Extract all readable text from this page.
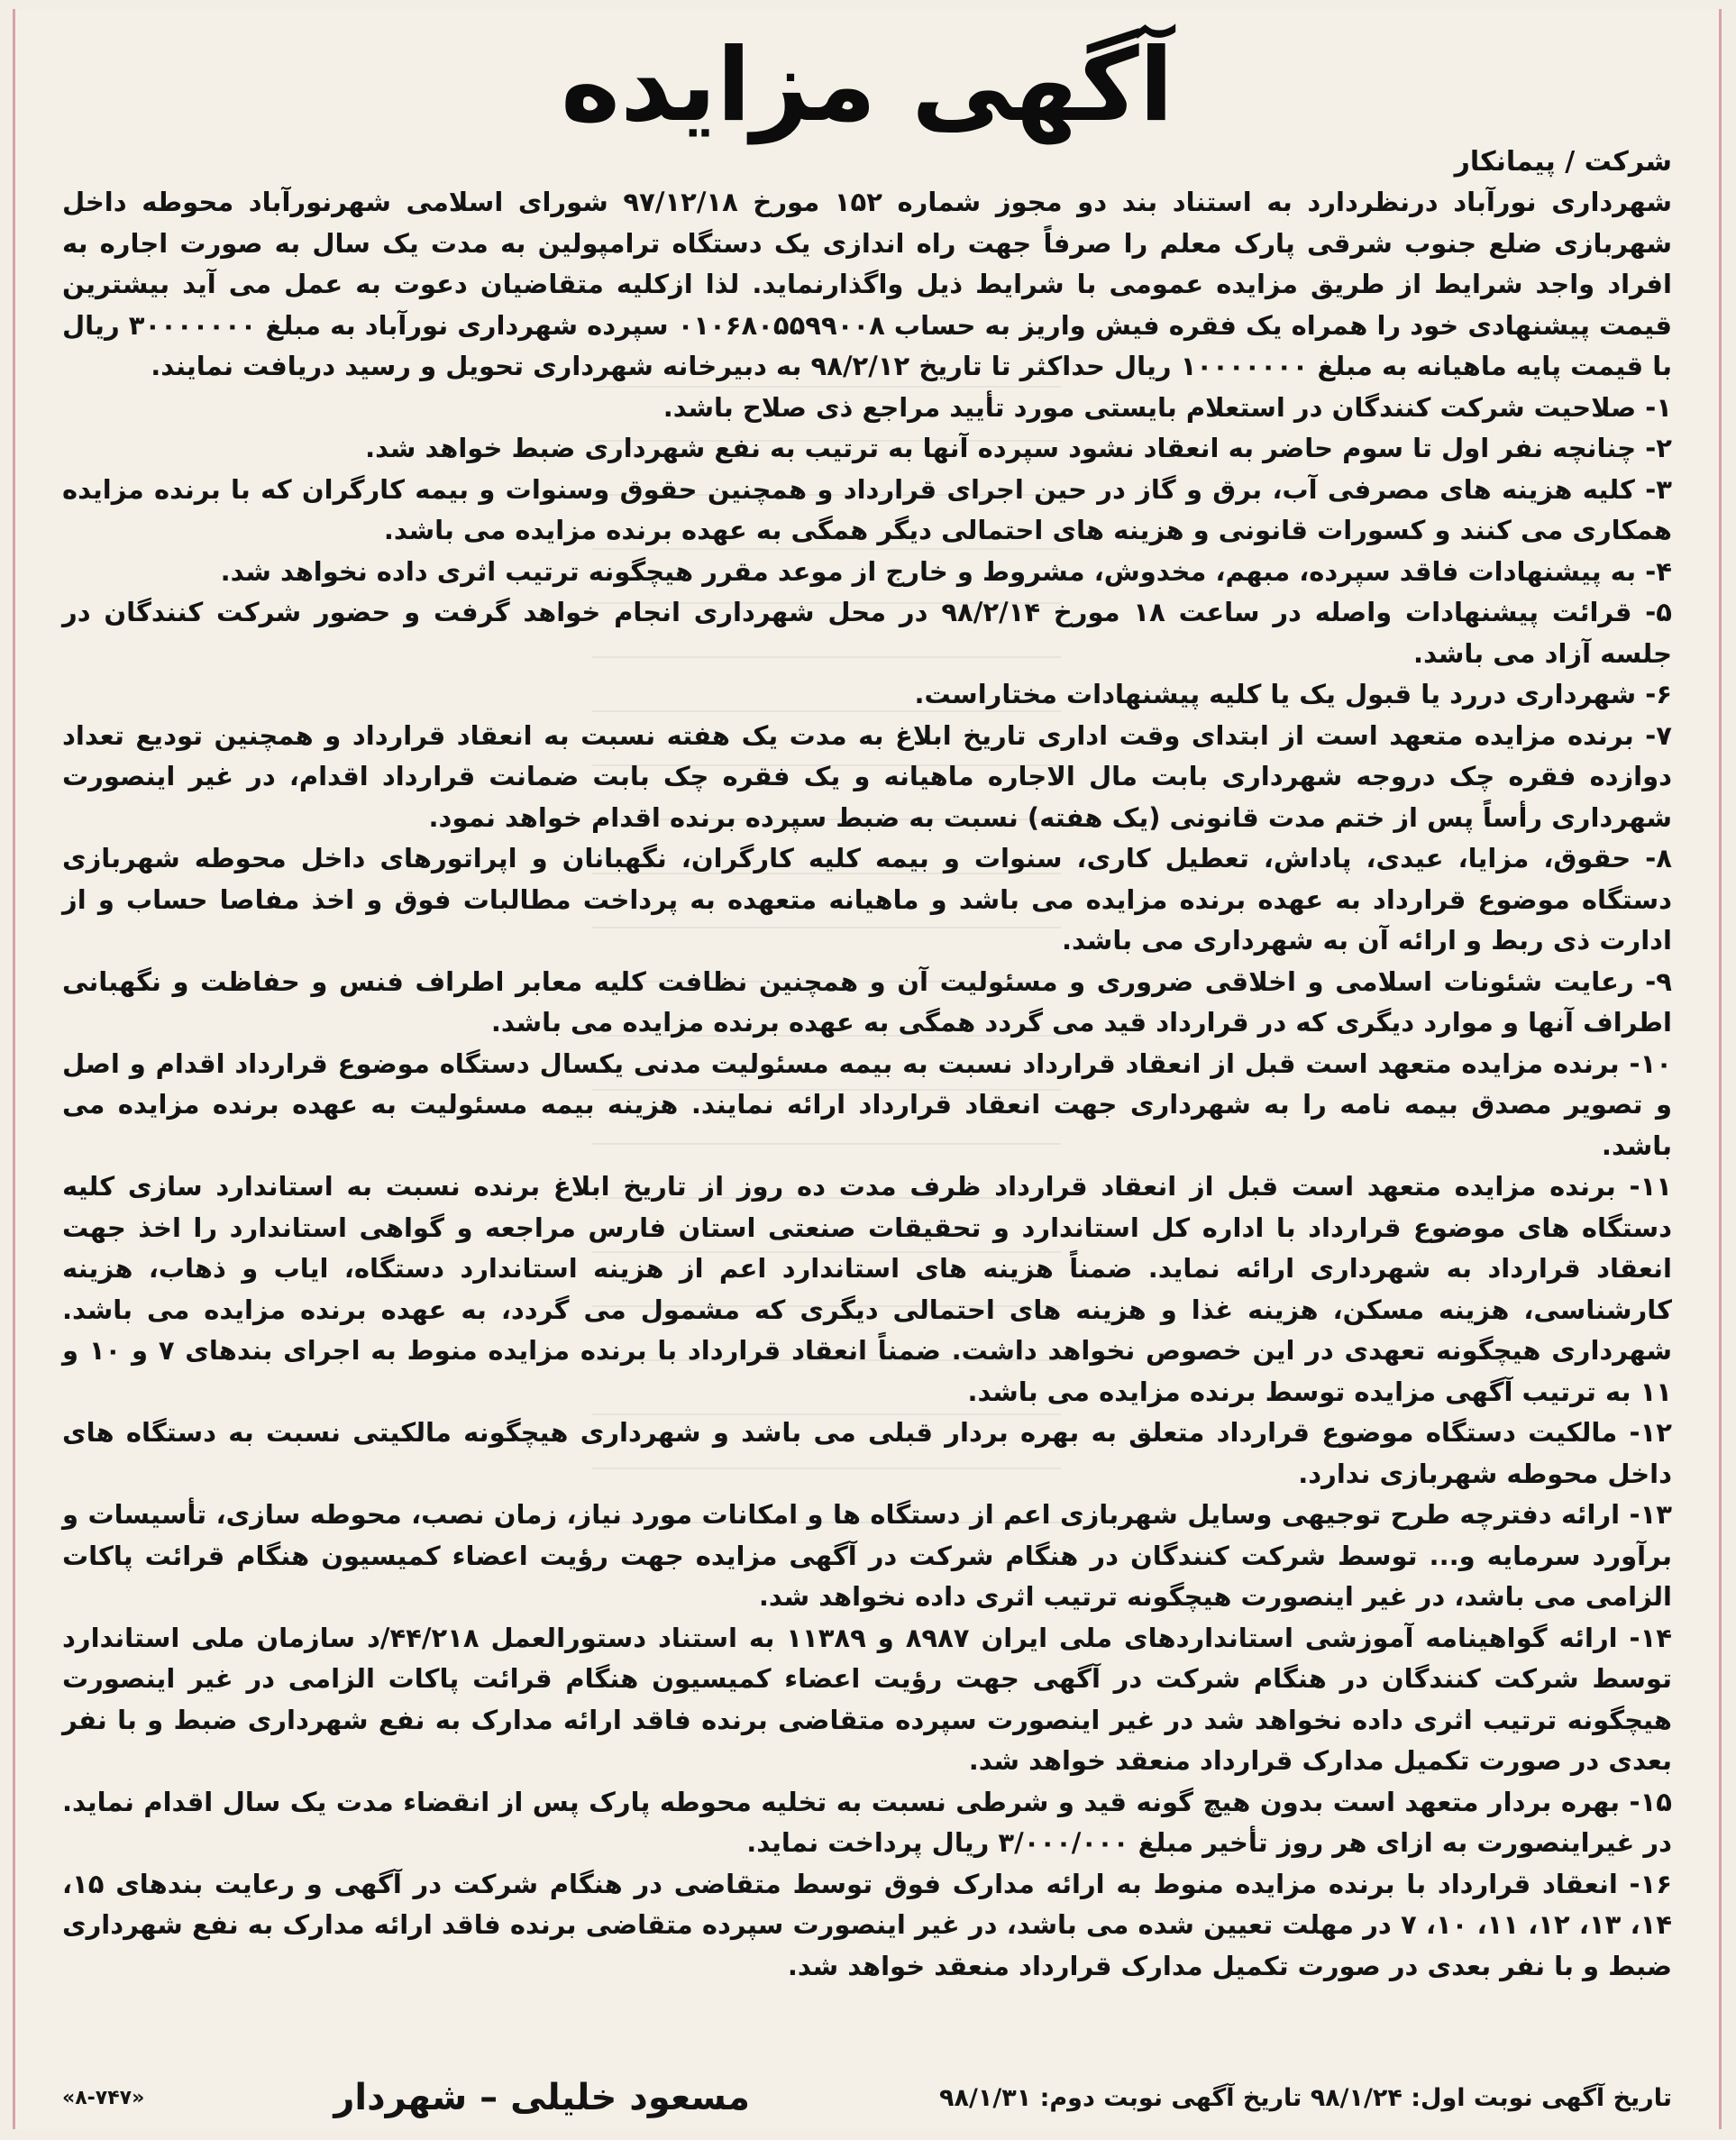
آگهی مزایده

شرکت / پیمانکار

شهرداری نورآباد درنظردارد به استناد بند دو مجوز شماره ۱۵۲ مورخ ۹۷/۱۲/۱۸ شورای اسلامی شهرنورآباد محوطه داخل شهربازی ضلع جنوب شرقی پارک معلم را صرفاً جهت راه اندازی یک دستگاه ترامپولین به مدت یک سال به صورت اجاره به افراد واجد شرایط از طریق مزایده عمومی با شرایط ذیل واگذارنماید. لذا ازکلیه متقاضیان دعوت به عمل می آید بیشترین قیمت پیشنهادی خود را همراه یک فقره فیش واریز به حساب ۰۱۰۶۸۰۵۵۹۹۰۰۸ سپرده شهرداری نورآباد به مبلغ ۳۰۰۰۰۰۰۰ ریال با قیمت پایه ماهیانه به مبلغ ۱۰۰۰۰۰۰۰ ریال حداکثر تا تاریخ ۹۸/۲/۱۲ به دبیرخانه شهرداری تحویل و رسید دریافت نمایند.

۱- صلاحیت شرکت کنندگان در استعلام بایستی مورد تأیید مراجع ذی صلاح باشد.

۲- چنانچه نفر اول تا سوم حاضر به انعقاد نشود سپرده آنها به ترتیب به نفع شهرداری ضبط خواهد شد.

۳- کلیه هزینه های مصرفی آب، برق و گاز در حین اجرای قرارداد و همچنین حقوق وسنوات و بیمه کارگران که با برنده مزایده همکاری می کنند و کسورات قانونی و هزینه های احتمالی دیگر همگی به عهده برنده مزایده می باشد.

۴- به پیشنهادات فاقد سپرده، مبهم، مخدوش، مشروط و خارج از موعد مقرر هیچگونه ترتیب اثری داده نخواهد شد.

۵- قرائت پیشنهادات واصله در ساعت ۱۸ مورخ ۹۸/۲/۱۴ در محل شهرداری انجام خواهد گرفت و حضور شرکت کنندگان در جلسه آزاد می باشد.

۶- شهرداری دررد یا قبول یک یا کلیه پیشنهادات مختاراست.

۷- برنده مزایده متعهد است از ابتدای وقت اداری تاریخ ابلاغ به مدت یک هفته نسبت به انعقاد قرارداد و همچنین توديع تعداد دوازده فقره چک دروجه شهرداری بابت مال الاجاره ماهیانه و یک فقره چک بابت ضمانت قرارداد اقدام، در غیر اینصورت شهرداری رأساً پس از ختم مدت قانونی (یک هفته) نسبت به ضبط سپرده برنده اقدام خواهد نمود.

۸- حقوق، مزایا، عیدی، پاداش، تعطیل کاری، سنوات و بیمه کلیه کارگران، نگهبانان و اپراتورهای داخل محوطه شهربازی دستگاه موضوع قرارداد به عهده برنده مزایده می باشد و ماهیانه متعهده به پرداخت مطالبات فوق و اخذ مفاصا حساب و از ادارت ذی ربط و ارائه آن به شهرداری می باشد.

۹- رعایت شئونات اسلامی و اخلاقی ضروری و مسئولیت آن و همچنین نظافت کلیه معابر اطراف فنس و حفاظت و نگهبانی اطراف آنها و موارد دیگری که در قرارداد قید می گردد همگی به عهده برنده مزایده می باشد.

۱۰- برنده مزایده متعهد است قبل از انعقاد قرارداد نسبت به بیمه مسئولیت مدنی یکسال دستگاه موضوع قرارداد اقدام و اصل و تصویر مصدق بیمه نامه را به شهرداری جهت انعقاد قرارداد ارائه نمایند. هزینه بیمه مسئولیت به عهده برنده مزایده می باشد.

۱۱- برنده مزایده متعهد است قبل از انعقاد قرارداد ظرف مدت ده روز از تاریخ ابلاغ برنده نسبت به استاندارد سازی کلیه دستگاه های موضوع قرارداد با اداره کل استاندارد و تحقیقات صنعتی استان فارس مراجعه و گواهی استاندارد را اخذ جهت انعقاد قرارداد به شهرداری ارائه نماید. ضمناً هزینه های استاندارد اعم از هزینه استاندارد دستگاه، ایاب و ذهاب، هزینه کارشناسی، هزینه مسکن، هزینه غذا و هزینه های احتمالی دیگری که مشمول می گردد، به عهده برنده مزایده می باشد. شهرداری هیچگونه تعهدی در این خصوص نخواهد داشت. ضمناً انعقاد قرارداد با برنده مزایده منوط به اجرای بندهای ۷ و ۱۰ و ۱۱ به ترتیب آگهی مزایده توسط برنده مزایده می باشد.

۱۲- مالکیت دستگاه موضوع قرارداد متعلق به بهره بردار قبلی می باشد و شهرداری هیچگونه مالکیتی نسبت به دستگاه های داخل محوطه شهربازی ندارد.

۱۳- ارائه دفترچه طرح توجیهی وسایل شهربازی اعم از دستگاه ها و امکانات مورد نیاز، زمان نصب، محوطه سازی، تأسیسات و برآورد سرمایه و... توسط شرکت کنندگان در هنگام شرکت در آگهی مزایده جهت رؤیت اعضاء کمیسیون هنگام قرائت پاکات الزامی می باشد، در غیر اینصورت هیچگونه ترتیب اثری داده نخواهد شد.

۱۴- ارائه گواهینامه آموزشی استانداردهای ملی ایران ۸۹۸۷ و ۱۱۳۸۹ به استناد دستورالعمل ۴۴/۲۱۸/د سازمان ملی استاندارد توسط شرکت کنندگان در هنگام شرکت در آگهی جهت رؤیت اعضاء کمیسیون هنگام قرائت پاکات الزامی در غیر اینصورت هیچگونه ترتیب اثری داده نخواهد شد در غیر اینصورت سپرده متقاضی برنده فاقد ارائه مدارک به نفع شهرداری ضبط و با نفر بعدی در صورت تکمیل مدارک قرارداد منعقد خواهد شد.

۱۵- بهره بردار متعهد است بدون هیچ گونه قید و شرطی نسبت به تخلیه محوطه پارک پس از انقضاء مدت یک سال اقدام نماید. در غیراینصورت به ازای هر روز تأخیر مبلغ ۳/۰۰۰/۰۰۰ ریال پرداخت نماید.

۱۶- انعقاد قرارداد با برنده مزایده منوط به ارائه مدارک فوق توسط متقاضی در هنگام شرکت در آگهی و رعایت بندهای ۱۵، ۱۴، ۱۳، ۱۲، ۱۱، ۱۰، ۷ در مهلت تعیین شده می باشد، در غیر اینصورت سپرده متقاضی برنده فاقد ارائه مدارک به نفع شهرداری ضبط و با نفر بعدی در صورت تکمیل مدارک قرارداد منعقد خواهد شد.

تاریخ آگهی نوبت اول: ۹۸/۱/۲۴ تاریخ آگهی نوبت دوم: ۹۸/۱/۳۱
مسعود خلیلی – شهردار
«۸-۷۴۷»
